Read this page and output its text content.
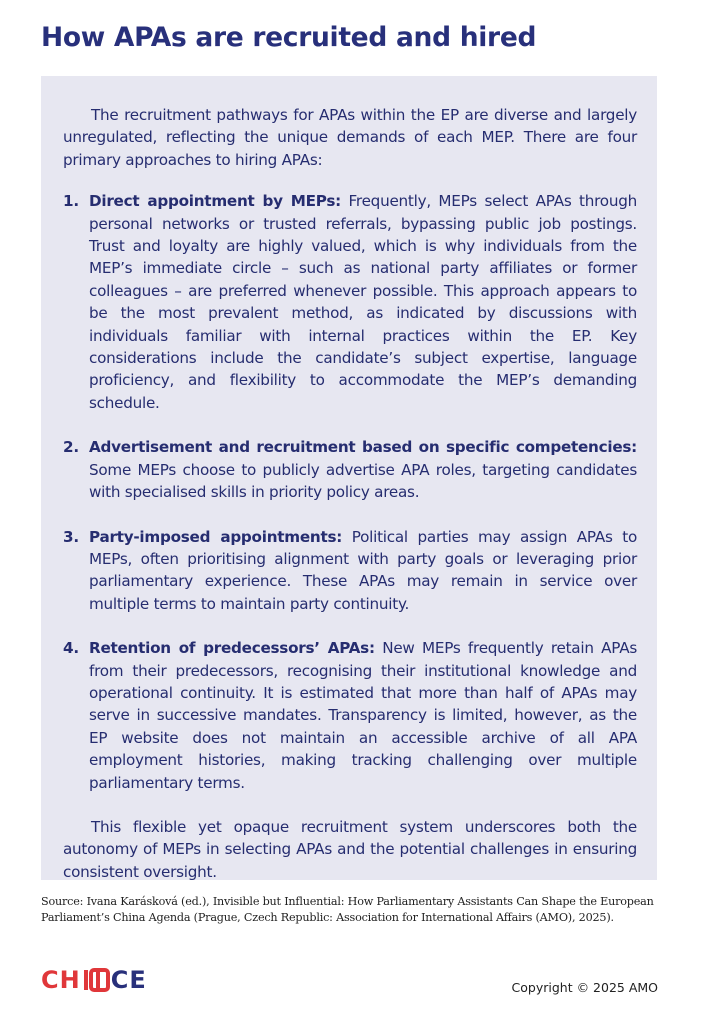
How APAs are recruited and hired

The recruitment pathways for APAs within the EP are diverse and largely unregulated, reflecting the unique demands of each MEP. There are four primary approaches to hiring APAs:

1. Direct appointment by MEPs: Frequently, MEPs select APAs through personal networks or trusted referrals, bypassing public job postings. Trust and loyalty are highly valued, which is why individuals from the MEP’s immediate circle – such as national party affiliates or former colleagues – are preferred whenever possible. This approach appears to be the most prevalent method, as indicated by discussions with individuals familiar with internal practices within the EP. Key considerations include the candidate’s subject expertise, language proficiency, and flexibility to accommodate the MEP’s demanding schedule.
2. Advertisement and recruitment based on specific competencies: Some MEPs choose to publicly advertise APA roles, targeting candidates with specialised skills in priority policy areas.
3. Party-imposed appointments: Political parties may assign APAs to MEPs, often prioritising alignment with party goals or leveraging prior parliamentary experience. These APAs may remain in service over multiple terms to maintain party continuity.
4. Retention of predecessors’ APAs: New MEPs frequently retain APAs from their predecessors, recognising their institutional knowledge and operational continuity. It is estimated that more than half of APAs may serve in successive mandates. Transparency is limited, however, as the EP website does not maintain an accessible archive of all APA employment histories, making tracking challenging over multiple parliamentary terms.

This flexible yet opaque recruitment system underscores both the autonomy of MEPs in selecting APAs and the potential challenges in ensuring consistent oversight.

Source: Ivana Karásková (ed.), Invisible but Influential: How Parliamentary Assistants Can Shape the European Parliament’s China Agenda (Prague, Czech Republic: Association for International Affairs (AMO), 2025).
CH CE	Copyright © 2025 AMO
